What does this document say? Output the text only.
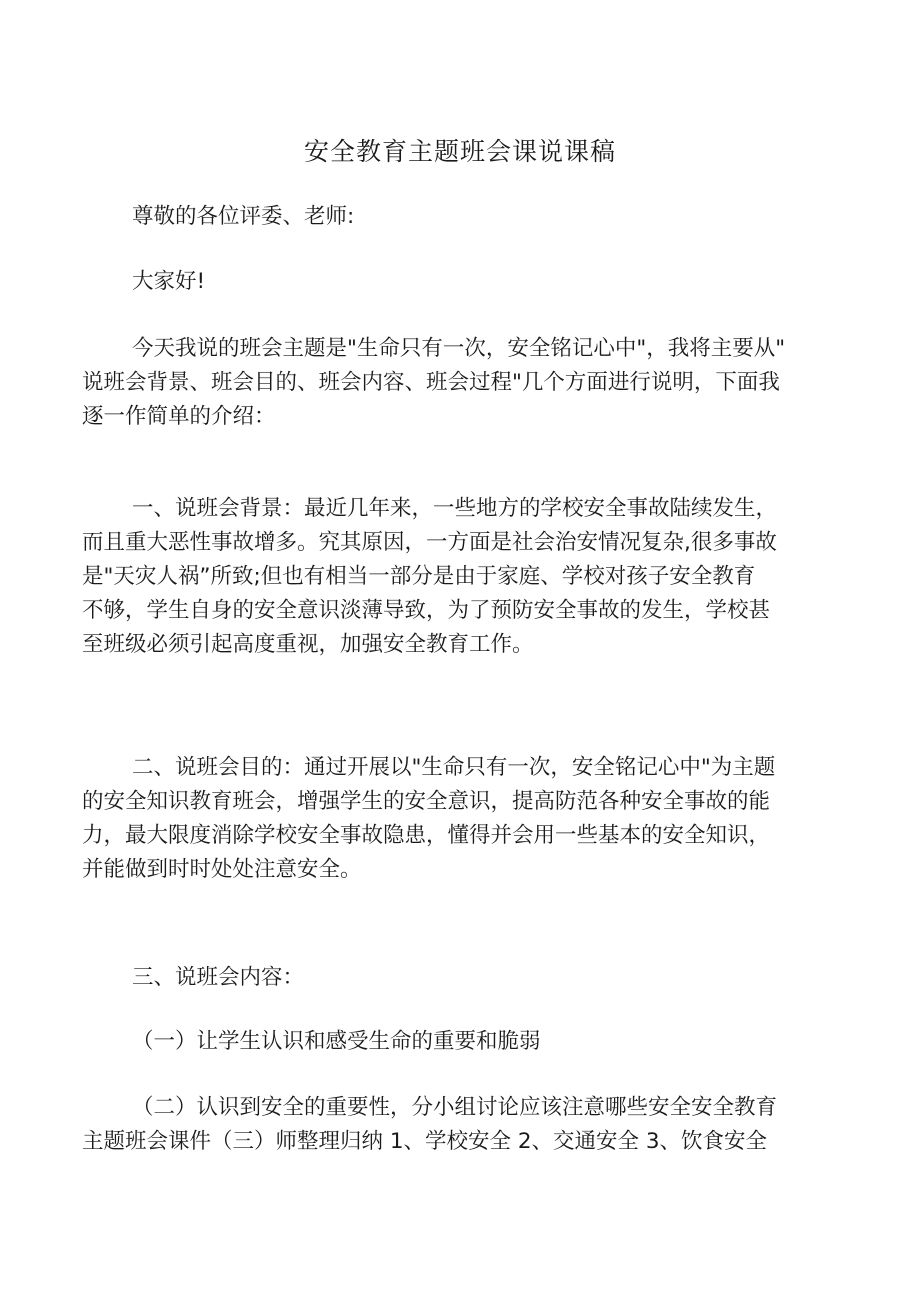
安全教育主题班会课说课稿

尊敬的各位评委、老师:

大家好!

今天我说的班会主题是"生命只有一次，安全铭记心中"，我将主要从"
说班会背景、班会目的、班会内容、班会过程"几个方面进行说明，下面我
逐一作简单的介绍：

一、说班会背景：最近几年来，一些地方的学校安全事故陆续发生，
而且重大恶性事故增多。究其原因，一方面是社会治安情况复杂,很多事故
是"天灾人祸”所致;但也有相当一部分是由于家庭、学校对孩子安全教育
不够，学生自身的安全意识淡薄导致，为了预防安全事故的发生，学校甚
至班级必须引起高度重视，加强安全教育工作。

二、说班会目的：通过开展以"生命只有一次，安全铭记心中"为主题
的安全知识教育班会，增强学生的安全意识，提高防范各种安全事故的能
力，最大限度消除学校安全事故隐患，懂得并会用一些基本的安全知识，
并能做到时时处处注意安全。

三、说班会内容：

（一）让学生认识和感受生命的重要和脆弱

（二）认识到安全的重要性，分小组讨论应该注意哪些安全安全教育
主题班会课件（三）师整理归纳 1、学校安全 2、交通安全 3、饮食安全
